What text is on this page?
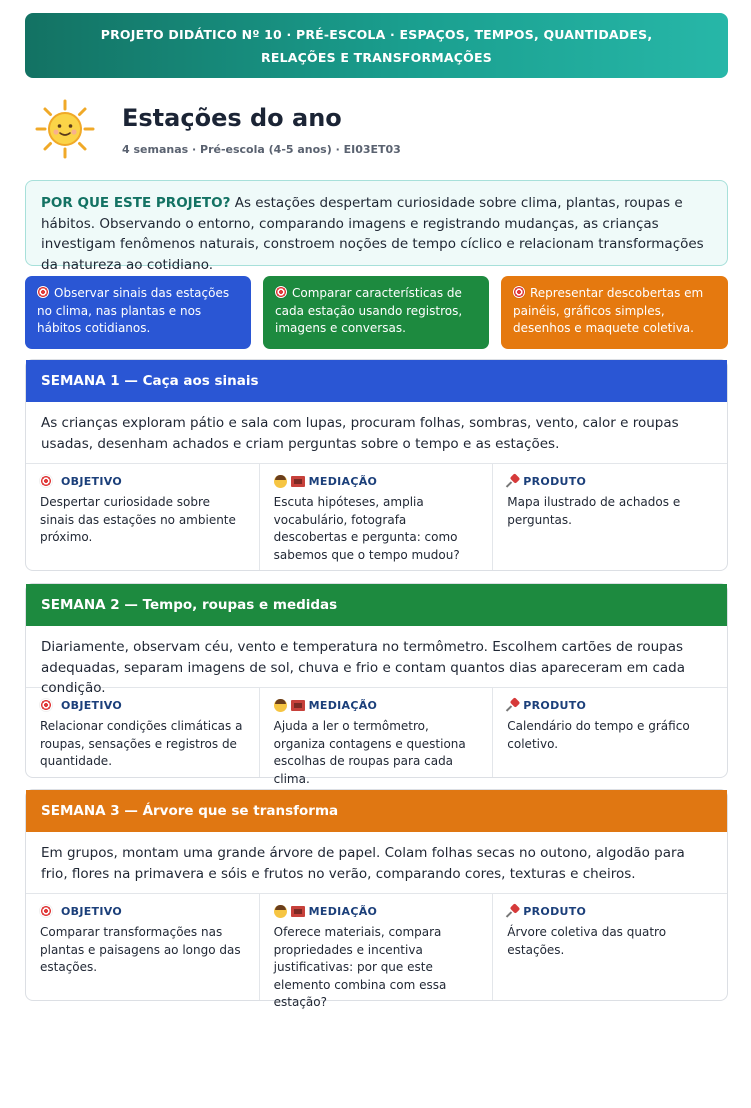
PROJETO DIDÁTICO Nº 10 · PRÉ-ESCOLA · ESPAÇOS, TEMPOS, QUANTIDADES, RELAÇÕES E TRANSFORMAÇÕES
Estações do ano
4 semanas · Pré-escola (4-5 anos) · EI03ET03
POR QUE ESTE PROJETO? As estações despertam curiosidade sobre clima, plantas, roupas e hábitos. Observando o entorno, comparando imagens e registrando mudanças, as crianças investigam fenômenos naturais, constroem noções de tempo cíclico e relacionam transformações da natureza ao cotidiano.
Observar sinais das estações no clima, nas plantas e nos hábitos cotidianos.
Comparar características de cada estação usando registros, imagens e conversas.
Representar descobertas em painéis, gráficos simples, desenhos e maquete coletiva.
SEMANA 1 — Caça aos sinais
As crianças exploram pátio e sala com lupas, procuram folhas, sombras, vento, calor e roupas usadas, desenham achados e criam perguntas sobre o tempo e as estações.
OBJETIVO
Despertar curiosidade sobre sinais das estações no ambiente próximo.
MEDIAÇÃO
Escuta hipóteses, amplia vocabulário, fotografa descobertas e pergunta: como sabemos que o tempo mudou?
PRODUTO
Mapa ilustrado de achados e perguntas.
SEMANA 2 — Tempo, roupas e medidas
Diariamente, observam céu, vento e temperatura no termômetro. Escolhem cartões de roupas adequadas, separam imagens de sol, chuva e frio e contam quantos dias apareceram em cada condição.
OBJETIVO
Relacionar condições climáticas a roupas, sensações e registros de quantidade.
MEDIAÇÃO
Ajuda a ler o termômetro, organiza contagens e questiona escolhas de roupas para cada clima.
PRODUTO
Calendário do tempo e gráfico coletivo.
SEMANA 3 — Árvore que se transforma
Em grupos, montam uma grande árvore de papel. Colam folhas secas no outono, algodão para frio, flores na primavera e sóis e frutos no verão, comparando cores, texturas e cheiros.
OBJETIVO
Comparar transformações nas plantas e paisagens ao longo das estações.
MEDIAÇÃO
Oferece materiais, compara propriedades e incentiva justificativas: por que este elemento combina com essa estação?
PRODUTO
Árvore coletiva das quatro estações.
